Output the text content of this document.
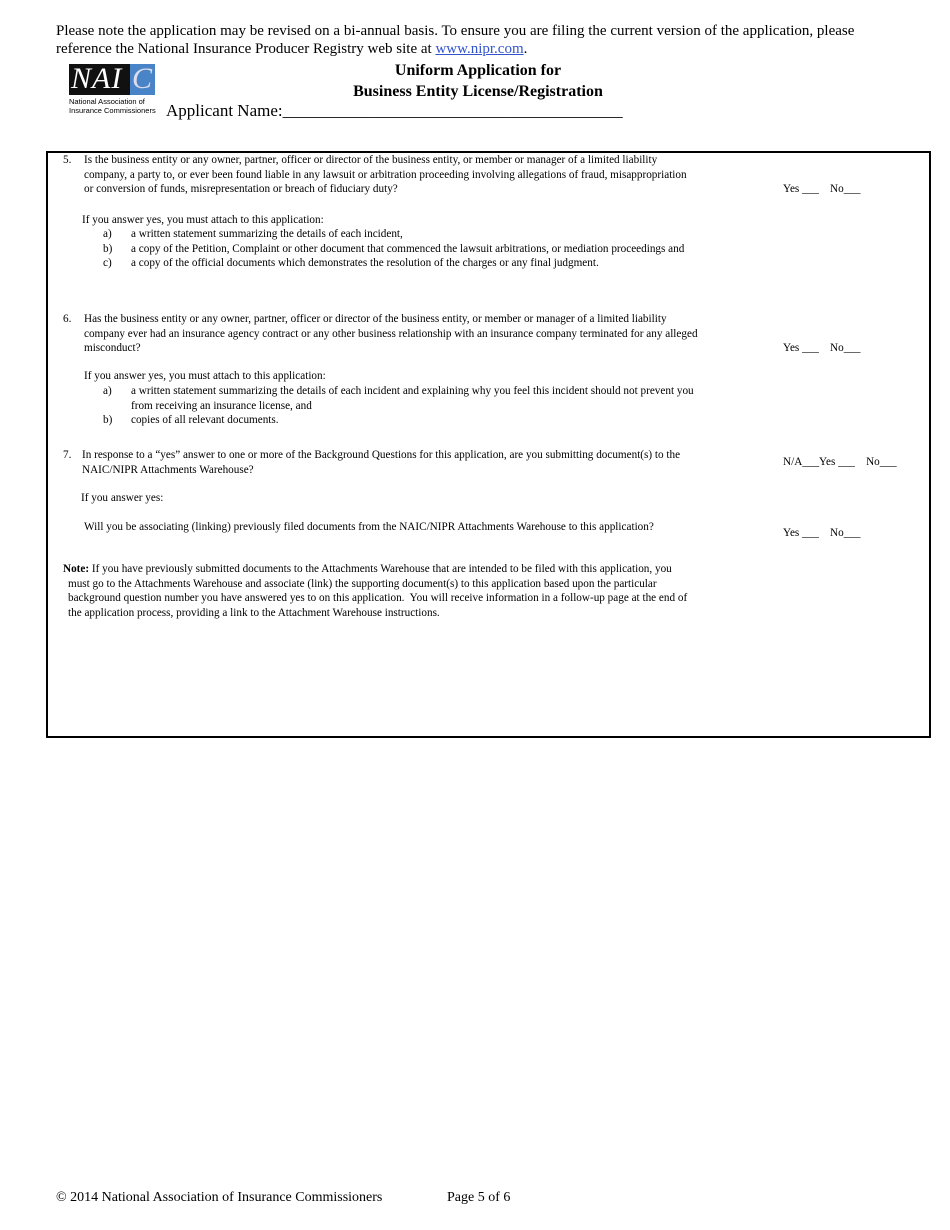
Please note the application may be revised on a bi-annual basis. To ensure you are filing the current version of the application, please
reference the National Insurance Producer Registry web site at www.nipr.com.
NAI C
National Association of
Insurance Commissioners
Uniform Application for
Business Entity License/Registration
Applicant Name:________________________________________
5. Is the business entity or any owner, partner, officer or director of the business entity, or member or manager of a limited liability
company, a party to, or ever been found liable in any lawsuit or arbitration proceeding involving allegations of fraud, misappropriation
or conversion of funds, misrepresentation or breach of fiduciary duty?	Yes ___    No___
If you answer yes, you must attach to this application:
a) a written statement summarizing the details of each incident,
b) a copy of the Petition, Complaint or other document that commenced the lawsuit arbitrations, or mediation proceedings and
c) a copy of the official documents which demonstrates the resolution of the charges or any final judgment.
6. Has the business entity or any owner, partner, officer or director of the business entity, or member or manager of a limited liability
company ever had an insurance agency contract or any other business relationship with an insurance company terminated for any alleged
misconduct?	Yes ___    No___
If you answer yes, you must attach to this application:
a) a written statement summarizing the details of each incident and explaining why you feel this incident should not prevent you
from receiving an insurance license, and
b) copies of all relevant documents.
7. In response to a “yes” answer to one or more of the Background Questions for this application, are you submitting document(s) to the
NAIC/NIPR Attachments Warehouse?
N/A___Yes ___    No___
If you answer yes:
Will you be associating (linking) previously filed documents from the NAIC/NIPR Attachments Warehouse to this application?	Yes ___    No___
Note: If you have previously submitted documents to the Attachments Warehouse that are intended to be filed with this application, you
must go to the Attachments Warehouse and associate (link) the supporting document(s) to this application based upon the particular
background question number you have answered yes to on this application.  You will receive information in a follow-up page at the end of
the application process, providing a link to the Attachment Warehouse instructions.
© 2014 National Association of Insurance Commissioners	Page 5 of 6
